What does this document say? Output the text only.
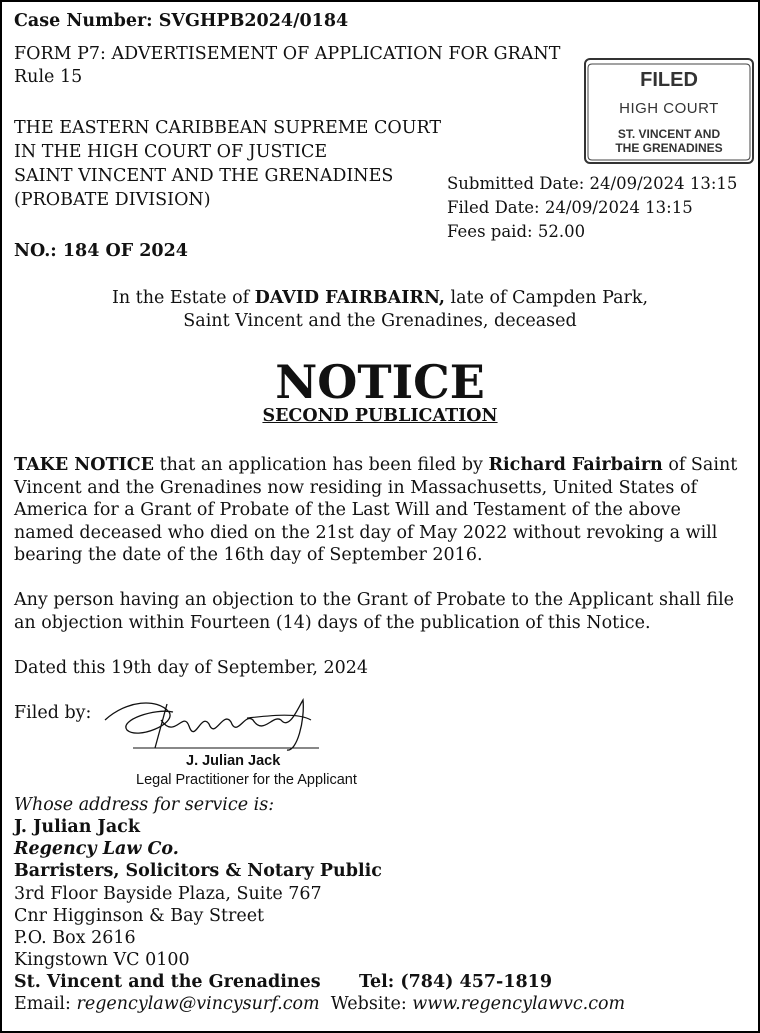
Case Number: SVGHPB2024/0184
FORM P7: ADVERTISEMENT OF APPLICATION FOR GRANT
Rule 15
THE EASTERN CARIBBEAN SUPREME COURT
IN THE HIGH COURT OF JUSTICE
SAINT VINCENT AND THE GRENADINES
(PROBATE DIVISION)
FILED
HIGH COURT
ST. VINCENT AND
THE GRENADINES
Submitted Date: 24/09/2024 13:15
Filed Date: 24/09/2024 13:15
Fees paid: 52.00
NO.: 184 OF 2024
In the Estate of DAVID FAIRBAIRN, late of Campden Park,
Saint Vincent and the Grenadines, deceased
NOTICE
SECOND PUBLICATION
TAKE NOTICE that an application has been filed by Richard Fairbairn of Saint Vincent and the Grenadines now residing in Massachusetts, United States of America for a Grant of Probate of the Last Will and Testament of the above named deceased who died on the 21st day of May 2022 without revoking a will bearing the date of the 16th day of September 2016.
Any person having an objection to the Grant of Probate to the Applicant shall file an objection within Fourteen (14) days of the publication of this Notice.
Dated this 19th day of September, 2024
Filed by:
J. Julian Jack
Legal Practitioner for the Applicant
Whose address for service is:
J. Julian Jack
Regency Law Co.
Barristers, Solicitors & Notary Public
3rd Floor Bayside Plaza, Suite 767
Cnr Higginson & Bay Street
P.O. Box 2616
Kingstown VC 0100
St. Vincent and the Grenadines Tel: (784) 457-1819
Email: regencylaw@vincysurf.com  Website: www.regencylawvc.com
